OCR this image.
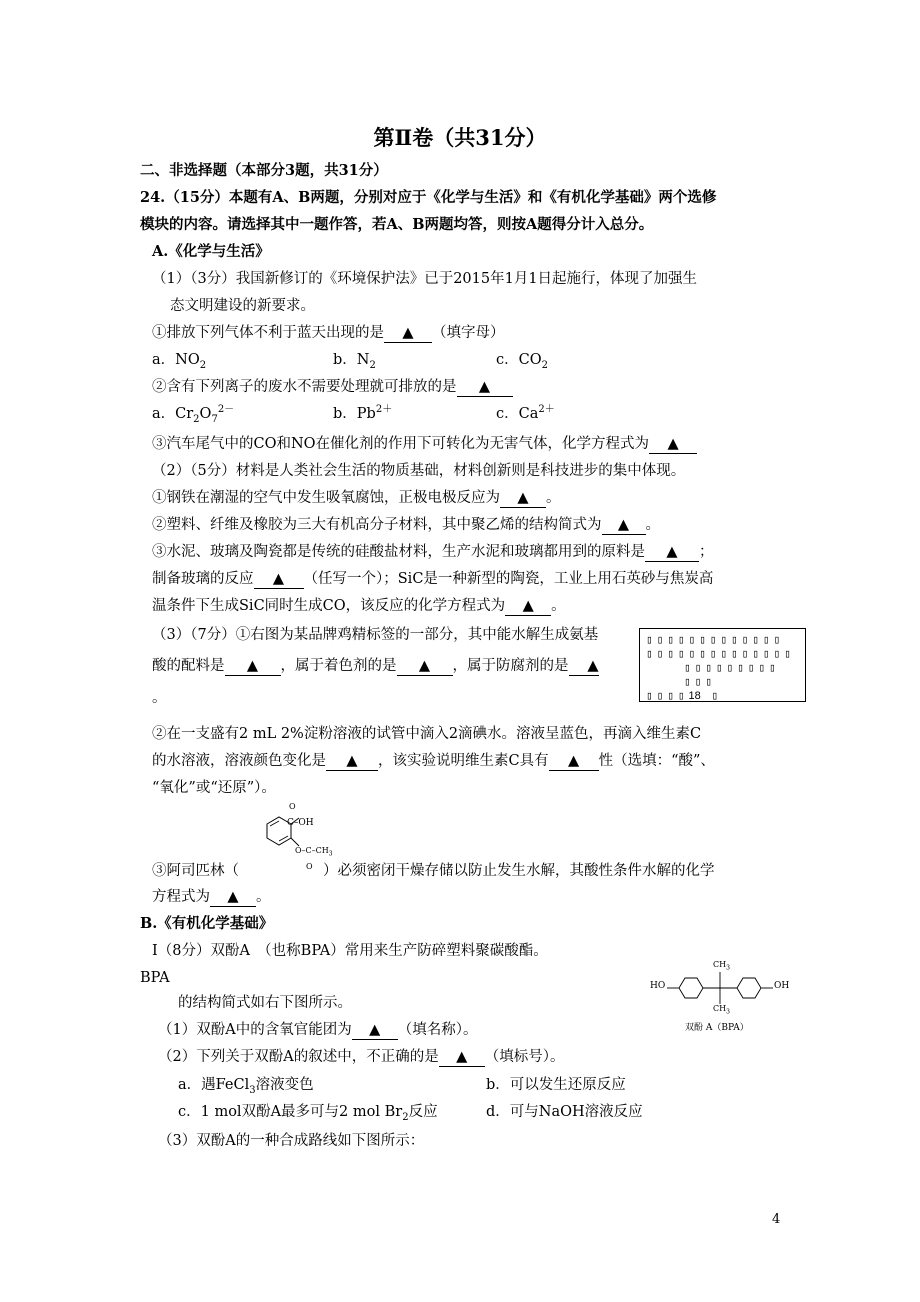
第Ⅱ卷（共31分）
二、非选择题（本部分3题，共31分）
24.（15分）本题有A、B两题，分别对应于《化学与生活》和《有机化学基础》两个选修
模块的内容。请选择其中一题作答，若A、B两题均答，则按A题得分计入总分。
A.《化学与生活》
（1）（3分）我国新修订的《环境保护法》已于2015年1月1日起施行，体现了加强生
态文明建设的新要求。
①排放下列气体不利于蓝天出现的是 ▲ （填字母）
a．$NO_2$	b．$N_2$	c．$CO_2$
②含有下列离子的废水不需要处理就可排放的是 ▲
a．$Cr_2O_7^{2-}$	b．$Pb^{2+}$	c．$Ca^{2+}$
③汽车尾气中的CO和NO在催化剂的作用下可转化为无害气体，化学方程式为 ▲
（2）（5分）材料是人类社会生活的物质基础，材料创新则是科技进步的集中体现。
①钢铁在潮湿的空气中发生吸氧腐蚀，正极电极反应为 ▲ 。
②塑料、纤维及橡胶为三大有机高分子材料，其中聚乙烯的结构简式为 ▲ 。
③水泥、玻璃及陶瓷都是传统的硅酸盐材料，生产水泥和玻璃都用到的原料是 ▲ ；
制备玻璃的反应 ▲ （任写一个）；SiC是一种新型的陶瓷，工业上用石英砂与焦炭高
温条件下生成SiC同时生成CO，该反应的化学方程式为 ▲ 。
（3）（7分）①右图为某品牌鸡精标签的一部分，其中能水解生成氨基
酸的配料是 ▲ ，属于着色剂的是 ▲ ，属于防腐剂的是 ▲
。
▯▯▯▯▯▯▯▯▯▯▯▯▯
▯▯▯▯▯▯▯▯▯▯▯▯▯▯
▯▯▯▯▯▯▯▯▯
▯▯▯
▯▯▯▯18 ▯
②在一支盛有2 mL 2%淀粉溶液的试管中滴入2滴碘水。溶液呈蓝色，再滴入维生素C
的水溶液，溶液颜色变化是 ▲ ，该实验说明维生素C具有 ▲ 性（选填：“酸”、
“氧化”或“还原”）。
O
C–OH
$O-C-CH_3$
O
③阿司匹林（	）必须密闭干燥存储以防止发生水解，其酸性条件水解的化学
方程式为 ▲ 。
B.《有机化学基础》
Ⅰ（8分）双酚A　（也称BPA）常用来生产防碎塑料聚碳酸酯。
BPA
的结构简式如右下图所示。
HO	OH
$CH_3$
$CH_3$
双酚 A（BPA）
（1）双酚A中的含氧官能团为 ▲ （填名称）。
（2）下列关于双酚A的叙述中，不正确的是 ▲ （填标号）。
a．遇FeCl$_3$溶液变色	b．可以发生还原反应
c．1 mol双酚A最多可与2 mol $Br_2$反应	d．可与NaOH溶液反应
（3）双酚A的一种合成路线如下图所示：
4
